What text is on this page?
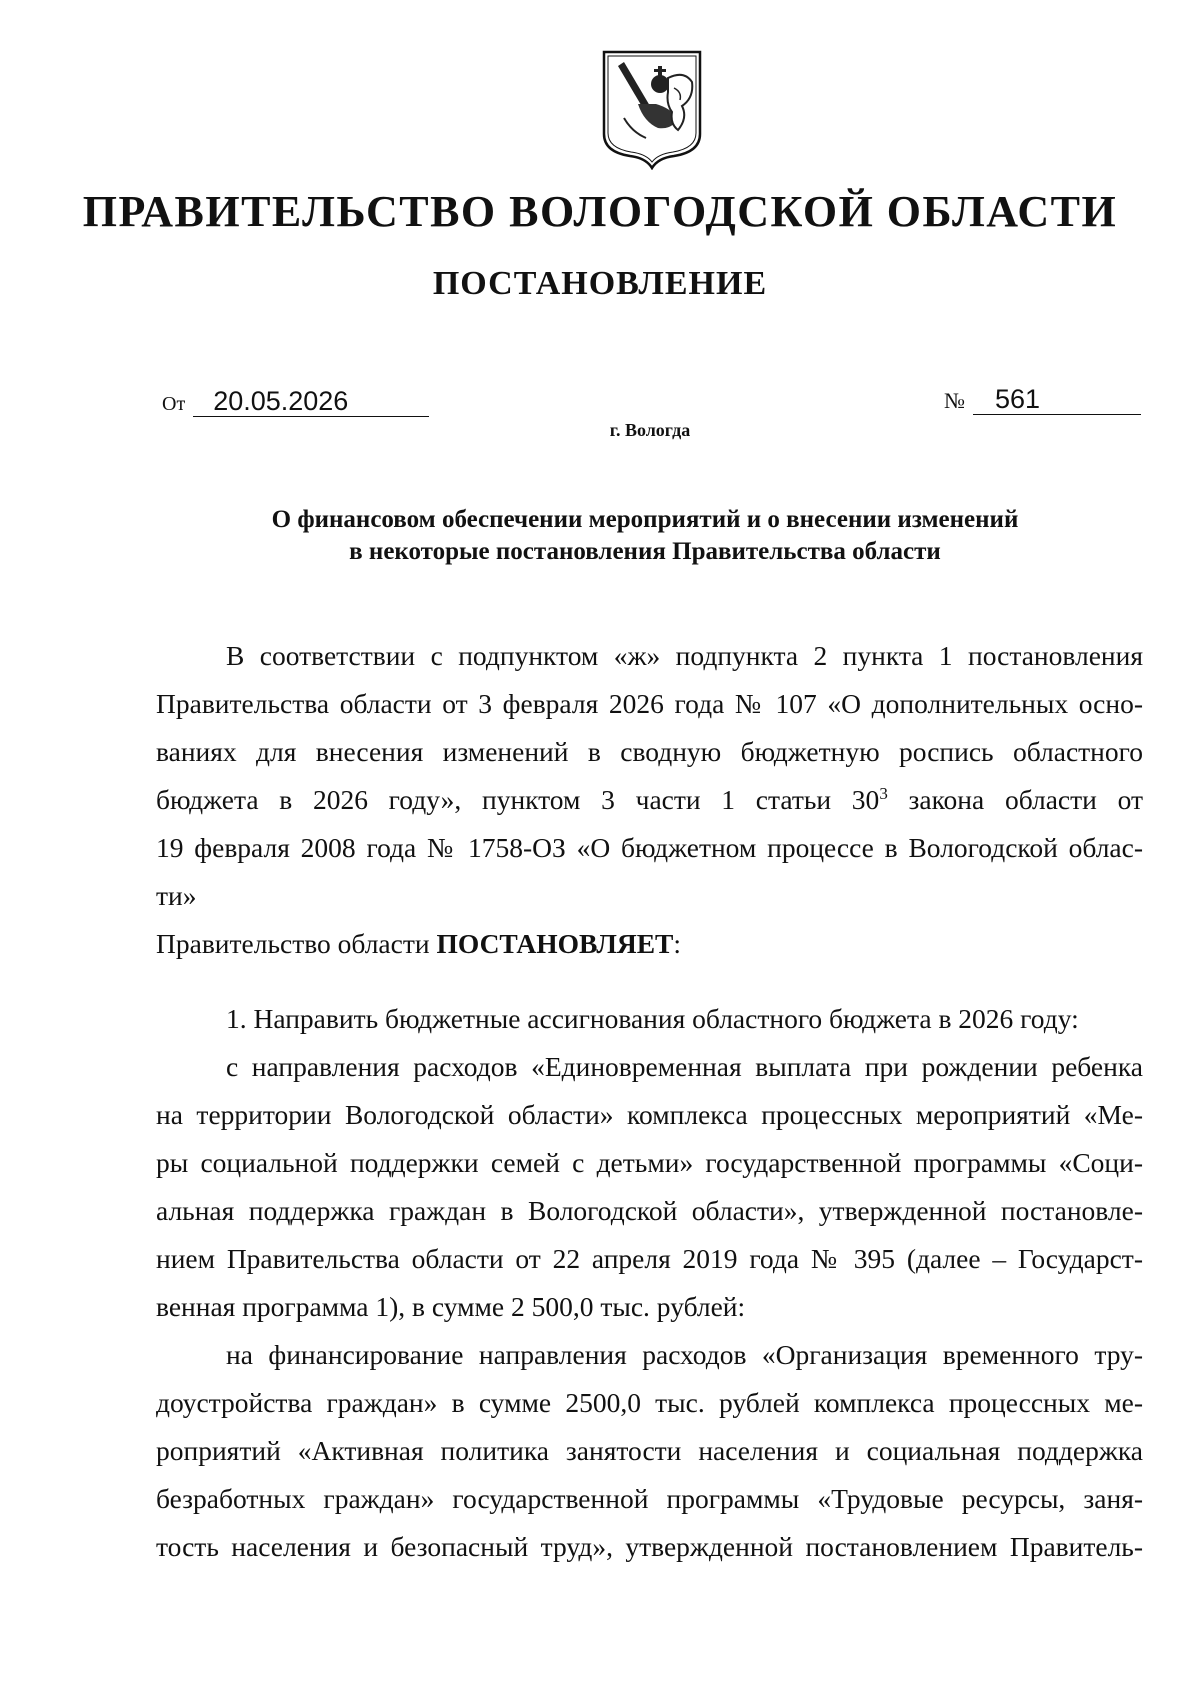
ПРАВИТЕЛЬСТВО ВОЛОГОДСКОЙ ОБЛАСТИ
ПОСТАНОВЛЕНИЕ
От 20.05.2026	№ 561
г. Вологда
О финансовом обеспечении мероприятий и о внесении изменений
в некоторые постановления Правительства области
В соответствии с подпунктом «ж» подпункта 2 пункта 1 постановления
Правительства области от 3 февраля 2026 года № 107 «О дополнительных осно-
ваниях для внесения изменений в сводную бюджетную роспись областного
бюджета в 2026 году», пунктом 3 части 1 статьи $30^3$ закона области от
19 февраля 2008 года № 1758-ОЗ «О бюджетном процессе в Вологодской облас-
ти»
Правительство области ПОСТАНОВЛЯЕТ:
1. Направить бюджетные ассигнования областного бюджета в 2026 году:
с направления расходов «Единовременная выплата при рождении ребенка
на территории Вологодской области» комплекса процессных мероприятий «Ме-
ры социальной поддержки семей с детьми» государственной программы «Соци-
альная поддержка граждан в Вологодской области», утвержденной постановле-
нием Правительства области от 22 апреля 2019 года № 395 (далее – Государст-
венная программа 1), в сумме 2 500,0 тыс. рублей:
на финансирование направления расходов «Организация временного тру-
доустройства граждан» в сумме 2500,0 тыс. рублей комплекса процессных ме-
роприятий «Активная политика занятости населения и социальная поддержка
безработных граждан» государственной программы «Трудовые ресурсы, заня-
тость населения и безопасный труд», утвержденной постановлением Правитель-
